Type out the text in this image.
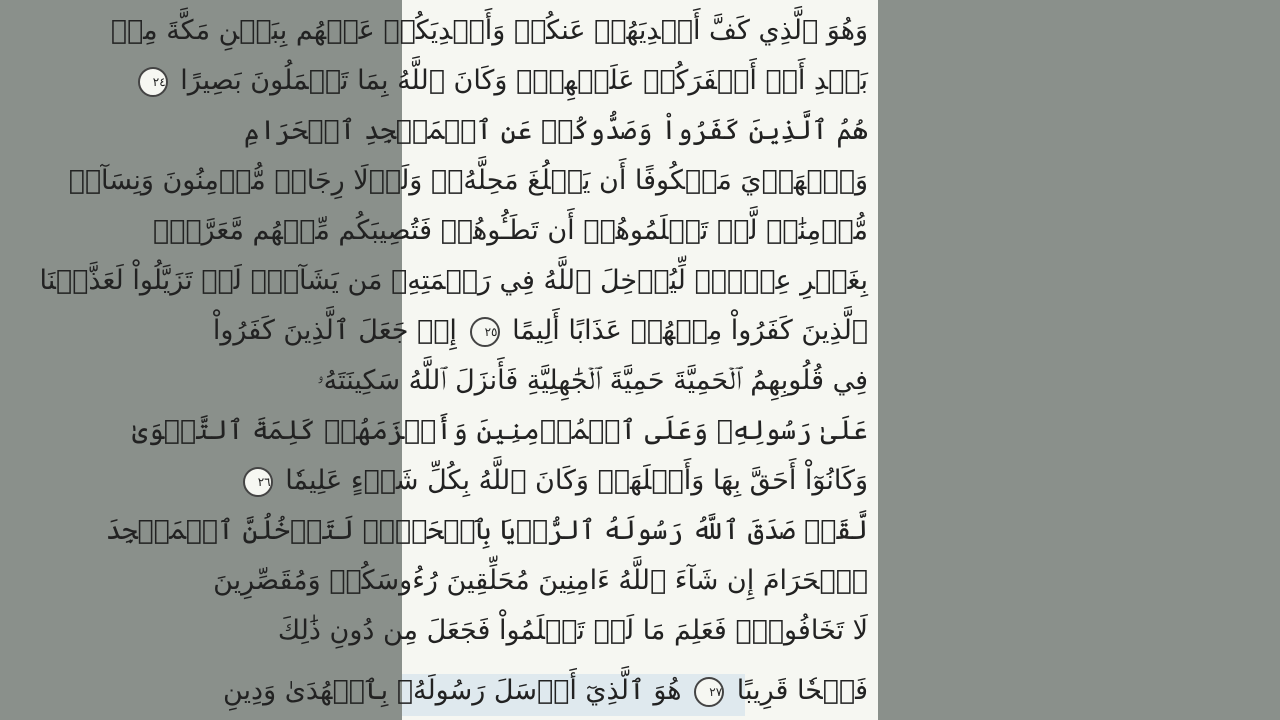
وَهُوَ ٱلَّذِي كَفَّ أَيۡدِيَهُمۡ عَنكُمۡ وَأَيۡدِيَكُمۡ عَنۡهُم بِبَطۡنِ مَكَّةَ مِنۢ
بَعۡدِ أَنۡ أَظۡفَرَكُمۡ عَلَيۡهِمۡۚ وَكَانَ ٱللَّهُ بِمَا تَعۡمَلُونَ بَصِيرًا ٢٤
هُمُ ٱلَّذِينَ كَفَرُواْ وَصَدُّوكُمۡ عَنِ ٱلۡمَسۡجِدِ ٱلۡحَرَامِ
وَٱلۡهَدۡيَ مَعۡكُوفًا أَن يَبۡلُغَ مَحِلَّهُۥۚ وَلَوۡلَا رِجَالٞ مُّؤۡمِنُونَ وَنِسَآءٞ
مُّؤۡمِنَٰتٞ لَّمۡ تَعۡلَمُوهُمۡ أَن تَطَـُٔوهُمۡ فَتُصِيبَكُم مِّنۡهُم مَّعَرَّةُۢ
بِغَيۡرِ عِلۡمٖۖ لِّيُدۡخِلَ ٱللَّهُ فِي رَحۡمَتِهِۦ مَن يَشَآءُۚ لَوۡ تَزَيَّلُواْ لَعَذَّبۡنَا
ٱلَّذِينَ كَفَرُواْ مِنۡهُمۡ عَذَابًا أَلِيمًا ٢٥ إِذۡ جَعَلَ ٱلَّذِينَ كَفَرُواْ
فِي قُلُوبِهِمُ ٱلۡحَمِيَّةَ حَمِيَّةَ ٱلۡجَٰهِلِيَّةِ فَأَنزَلَ ٱللَّهُ سَكِينَتَهُۥ
عَلَىٰ رَسُولِهِۦ وَعَلَى ٱلۡمُؤۡمِنِينَ وَأَلۡزَمَهُمۡ كَلِمَةَ ٱلتَّقۡوَىٰ
وَكَانُوٓاْ أَحَقَّ بِهَا وَأَهۡلَهَاۚ وَكَانَ ٱللَّهُ بِكُلِّ شَيۡءٍ عَلِيمٗا ٢٦
لَّقَدۡ صَدَقَ ٱللَّهُ رَسُولَهُ ٱلرُّءۡيَا بِٱلۡحَقِّۖ لَتَدۡخُلُنَّ ٱلۡمَسۡجِدَ
ٱلۡحَرَامَ إِن شَآءَ ٱللَّهُ ءَامِنِينَ مُحَلِّقِينَ رُءُوسَكُمۡ وَمُقَصِّرِينَ
لَا تَخَافُونَۖ فَعَلِمَ مَا لَمۡ تَعۡلَمُواْ فَجَعَلَ مِن دُونِ ذَٰلِكَ
فَتۡحٗا قَرِيبًا ٢٧ هُوَ ٱلَّذِيٓ أَرۡسَلَ رَسُولَهُۥ بِٱلۡهُدَىٰ وَدِينِ
